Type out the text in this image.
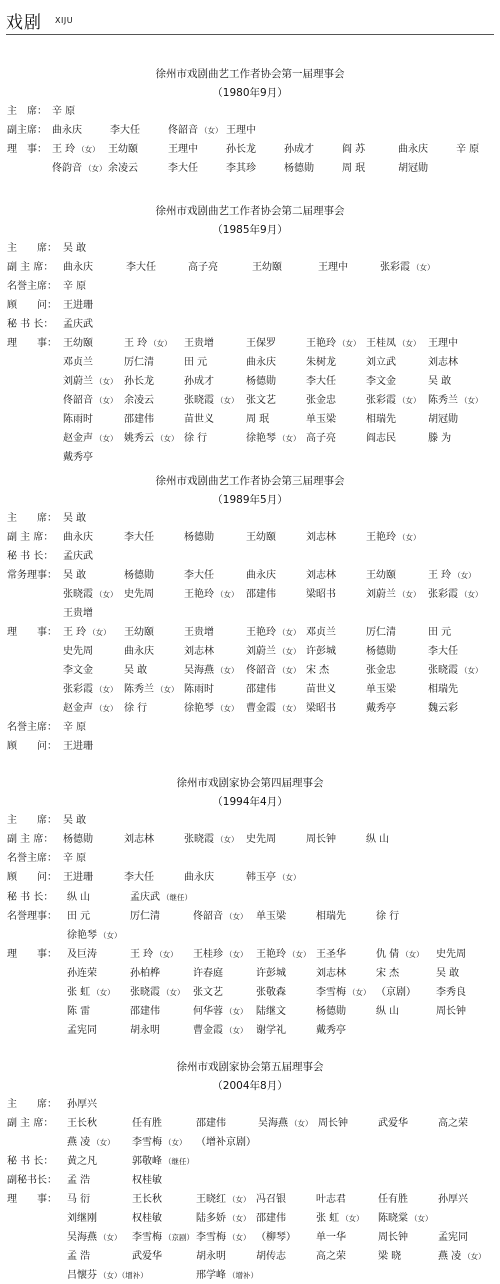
戏剧 XIJU
徐州市戏剧曲艺工作者协会第一届理事会
（1980年9月）
主　席： 辛 原
副主席： 曲永庆	李大任	佟韶音 （女） 王理中
理　事： 王 玲 （女） 王幼颐	王理中	孙长龙	孙成才	阎 苏	曲永庆	辛 原
佟韵音 （女） 余凌云	李大任	李其珍	杨德勋	周 珉	胡冠勋
徐州市戏剧曲艺工作者协会第二届理事会
（1985年9月）
主　　席： 吴 敢
副 主 席： 曲永庆	李大任	高子亮	王幼颐	王理中	张彩霞 （女）
名誉主席： 辛 原
顾　　问： 王进珊
秘 书 长： 孟庆武
理　　事： 王幼颐	王 玲 （女） 王贵增	王保罗	王艳玲 （女） 王桂凤 （女） 王理中
邓贞兰	厉仁清	田 元	曲永庆	朱树龙	刘立武	刘志林
刘蔚兰 （女） 孙长龙	孙成才	杨德勋	李大任	李文金	吴 敢
佟韶音 （女） 余凌云	张晓霞 （女） 张文艺	张金忠	张彩霞 （女） 陈秀兰 （女）
陈雨时	邵建伟	苗世义	周 珉	单玉梁	相瑞先	胡冠勋
赵金声 （女） 姚秀云 （女） 徐 行	徐艳琴 （女） 高子亮	阎志民	滕 为
戴秀亭
徐州市戏剧曲艺工作者协会第三届理事会
（1989年5月）
主　　席： 吴 敢
副 主 席： 曲永庆	李大任	杨德勋	王幼颐	刘志林	王艳玲 （女）
秘 书 长： 孟庆武
常务理事： 吴 敢	杨德勋	李大任	曲永庆	刘志林	王幼颐	王 玲 （女）
张晓霞 （女） 史先周	王艳玲 （女） 邵建伟	梁昭书	刘蔚兰 （女） 张彩霞 （女）
王贵增
理　　事： 王 玲 （女） 王幼颐	王贵增	王艳玲 （女） 邓贞兰	厉仁清	田 元
史先周	曲永庆	刘志林	刘蔚兰 （女） 许彭城	杨德勋	李大任
李文金	吴 敢	吴海燕 （女） 佟韶音 （女） 宋 杰	张金忠	张晓霞 （女）
张彩霞 （女） 陈秀兰 （女） 陈雨时	邵建伟	苗世义	单玉梁	相瑞先
赵金声 （女） 徐 行	徐艳琴 （女） 曹金霞 （女） 梁昭书	戴秀亭	魏云彩
名誉主席： 辛 原
顾　　问： 王进珊
徐州市戏剧家协会第四届理事会
（1994年4月）
主　　席： 吴 敢
副 主 席： 杨德勋	刘志林	张晓霞 （女） 史先周	周长钟	纵 山
名誉主席： 辛 原
顾　　问： 王进珊	李大任	曲永庆	韩玉亭 （女）
秘 书 长： 纵 山	孟庆武 （继任）
名誉理事： 田 元	厉仁清	佟韶音 （女） 单玉梁	相瑞先	徐 行
徐艳琴 （女）
理　　事： 及巨涛	王 玲 （女） 王桂珍 （女） 王艳玲 （女） 王圣华	仇 倩 （女） 史先周
孙连荣	孙柏桦	许春庭	许彭城	刘志林	宋 杰	吴 敢
张 虹 （女） 张晓霞 （女） 张文艺	张敬森	李雪梅 （女） （京剧） 李秀良
陈 雷	邵建伟	何华蓉 （女） 陆继文	杨德勋	纵 山	周长钟
孟宪同	胡永明	曹金霞 （女） 谢学礼	戴秀亭
徐州市戏剧家协会第五届理事会
（2004年8月）
主　　席： 孙厚兴
副 主 席： 王长秋	任有胜	邵建伟	吴海燕 （女） 周长钟	武爱华	高之荣
燕 凌 （女） 李雪梅 （女） （增补京剧）
秘 书 长： 黄之凡	郭敬峰 （继任）
副秘书长： 孟 浩	权桂敏
理　　事： 马 衍	王长秋	王晓红 （女） 冯召银	叶志君	任有胜	孙厚兴
刘继刚	权桂敏	陆多娇 （女） 邵建伟	张 虹 （女） 陈晓棠 （女）
吴海燕 （女） 李雪梅 （京剧） 李雪梅 （女） （柳琴） 单一华	周长钟	孟宪同
孟 浩	武爱华	胡永明	胡传志	高之荣	梁 晓	燕 凌 （女）
吕懐芬 （女）（增补）	邢学峰 （增补）
